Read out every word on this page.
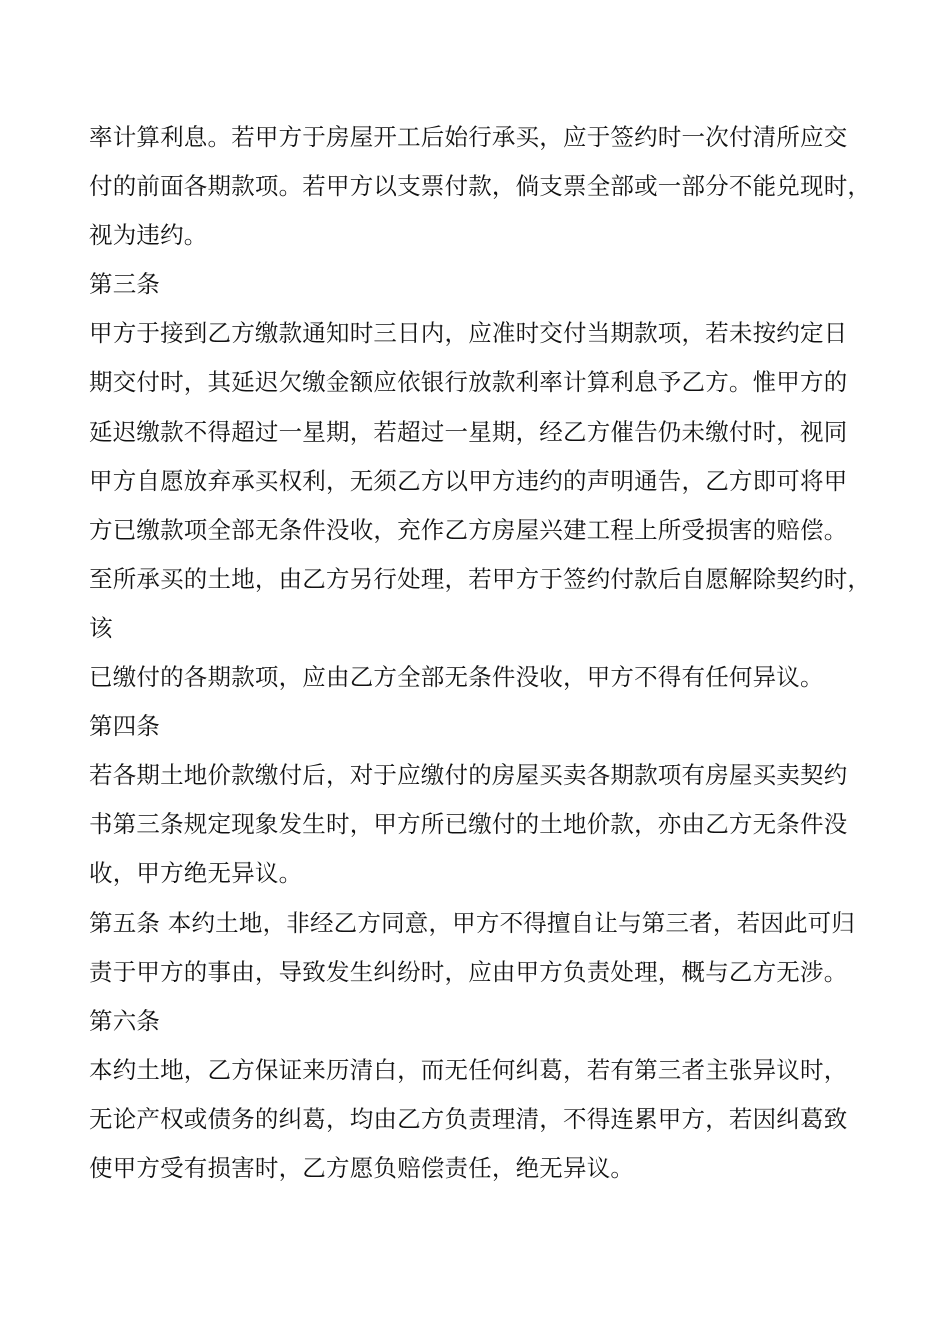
率计算利息。若甲方于房屋开工后始行承买，应于签约时一次付清所应交
付的前面各期款项。若甲方以支票付款，倘支票全部或一部分不能兑现时，
视为违约。
第三条
甲方于接到乙方缴款通知时三日内，应准时交付当期款项，若未按约定日
期交付时，其延迟欠缴金额应依银行放款利率计算利息予乙方。惟甲方的
延迟缴款不得超过一星期，若超过一星期，经乙方催告仍未缴付时，视同
甲方自愿放弃承买权利，无须乙方以甲方违约的声明通告，乙方即可将甲
方已缴款项全部无条件没收，充作乙方房屋兴建工程上所受损害的赔偿。
至所承买的土地，由乙方另行处理，若甲方于签约付款后自愿解除契约时，
该
已缴付的各期款项，应由乙方全部无条件没收，甲方不得有任何异议。
第四条
若各期土地价款缴付后，对于应缴付的房屋买卖各期款项有房屋买卖契约
书第三条规定现象发生时，甲方所已缴付的土地价款，亦由乙方无条件没
收，甲方绝无异议。
第五条 本约土地，非经乙方同意，甲方不得擅自让与第三者，若因此可归
责于甲方的事由，导致发生纠纷时，应由甲方负责处理，概与乙方无涉。
第六条
本约土地，乙方保证来历清白，而无任何纠葛，若有第三者主张异议时，
无论产权或债务的纠葛，均由乙方负责理清，不得连累甲方，若因纠葛致
使甲方受有损害时，乙方愿负赔偿责任，绝无异议。
